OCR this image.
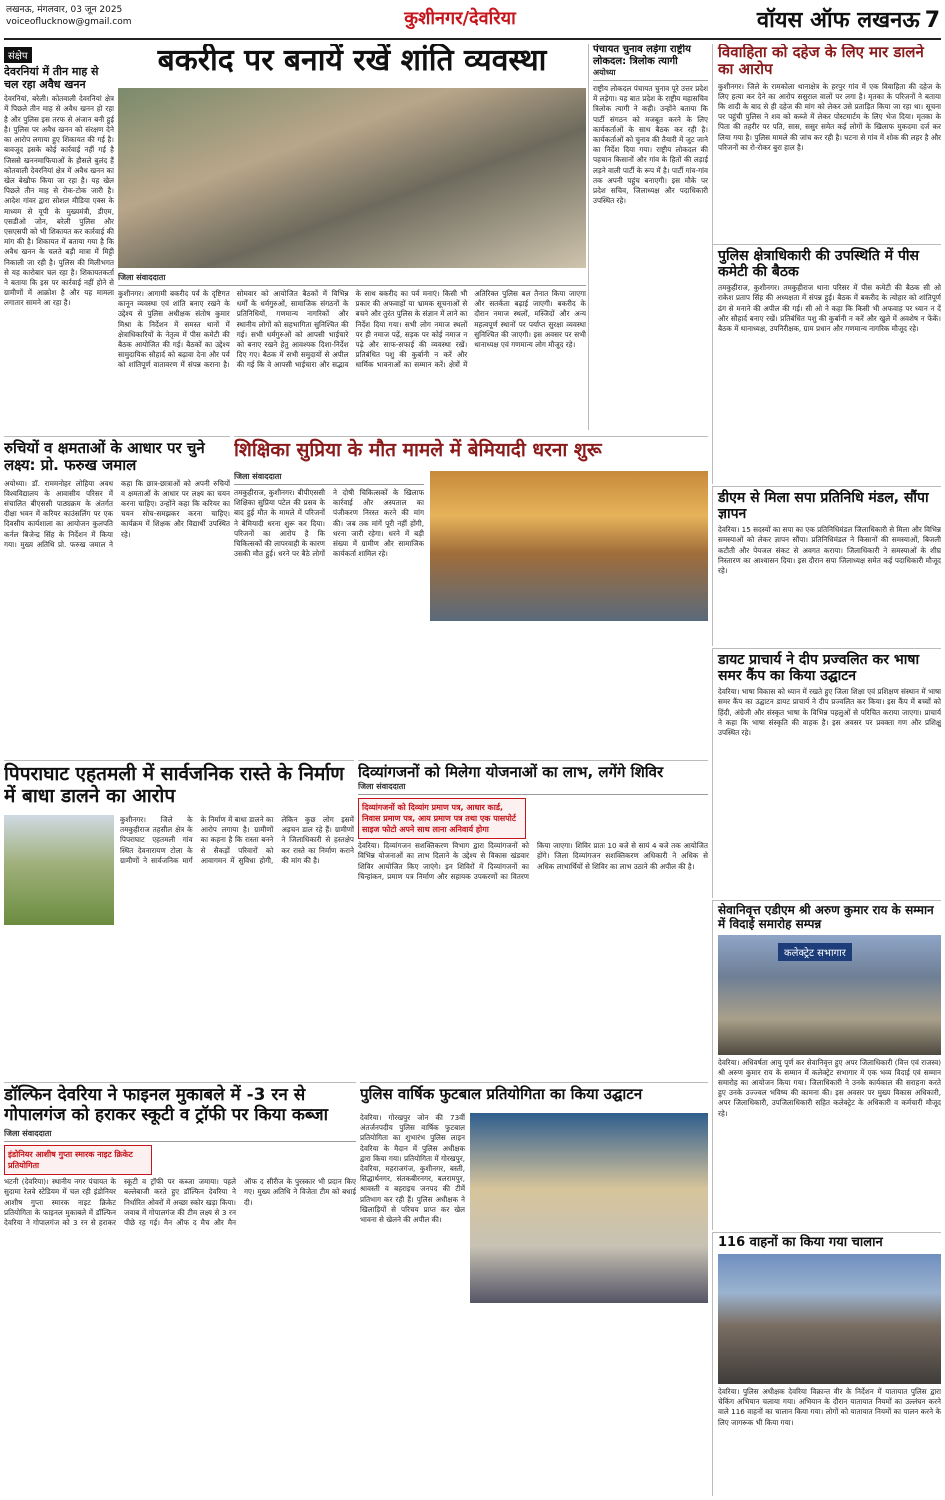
लखनऊ, मंगलवार, 03 जून 2025
voiceoflucknow@gmail.com	कुशीनगर/देवरिया	वॉयस ऑफ लखनऊ 7
संक्षेप
देवरनियां में तीन माह से चल रहा अवैध खनन
देवरनियां, बरेली। कोतवाली देवरनियां क्षेत्र में पिछले तीन माह से अवैध खनन हो रहा है और पुलिस इस तरफ से अंजान बनी हुई है। पुलिस पर अवैध खनन को संरक्षण देने का आरोप लगाया हुए शिकायत की गई है। बावजूद इसके कोई कार्रवाई नहीं गई है जिससे खननमाफियाओं के हौसले बुलंद हैं कोतवाली देवरनियां क्षेत्र में अवैध खनन का खेल बेखौफ किया जा रहा है। यह खेल पिछले तीन माह से रोक-टोक जारी है। आदेश गांवर द्वारा सोशल मीडिया एक्स के माध्यम से यूपी के मुख्यमंत्री, डीएम, एसडीओ जोन, बरेली पुलिस और एसएसपी को भी शिकायत कर कार्रवाई की मांग की है। शिकायत में बताया गया है कि अवैध खनन के चलते बड़ी मात्रा में मिट्टी निकाली जा रही है। पुलिस की मिलीभगत से यह कारोबार चल रहा है। शिकायतकर्ता ने बताया कि इस पर कार्रवाई नहीं होने से ग्रामीणों में आक्रोश है और यह मामला लगातार सामने आ रहा है।
बकरीद पर बनायें रखें शांति व्यवस्था
जिला संवाददाता
कुशीनगर। आगामी बकरीद पर्व के दृष्टिगत कानून व्यवस्था एवं शांति बनाए रखने के उद्देश्य से पुलिस अधीक्षक संतोष कुमार मिश्रा के निर्देशन में समस्त थानों में क्षेत्राधिकारियों के नेतृत्व में पीस कमेटी की बैठक आयोजित की गई। बैठकों का उद्देश्य सामुदायिक सौहार्द को बढ़ावा देना और पर्व को शांतिपूर्ण वातावरण में संपन्न कराना है। सोमवार को आयोजित बैठकों में विभिन्न धर्मों के धर्मगुरुओं, सामाजिक संगठनों के प्रतिनिधियों, गणमान्य नागरिकों और स्थानीय लोगों को सहभागिता सुनिश्चित की गई। सभी धर्मगुरुओं को आपसी भाईचारे को बनाए रखने हेतु आवश्यक दिशा-निर्देश दिए गए। बैठक में सभी समुदायों से अपील की गई कि वे आपसी भाईचारा और सद्भाव के साथ बकरीद का पर्व मनाएं। किसी भी प्रकार की अफवाहों या भ्रामक सूचनाओं से बचने और तुरंत पुलिस के संज्ञान में लाने का निर्देश दिया गया। सभी लोग नमाज स्थलों पर ही नमाज पढ़ें, सड़क पर कोई नमाज न पढ़े और साफ-सफाई की व्यवस्था रखें। प्रतिबंधित पशु की कुर्बानी न करें और धार्मिक भावनाओं का सम्मान करें। क्षेत्रों में अतिरिक्त पुलिस बल तैनात किया जाएगा और सतर्कता बढ़ाई जाएगी। बकरीद के दौरान नमाज स्थलों, मस्जिदों और अन्य महत्वपूर्ण स्थानों पर पर्याप्त सुरक्षा व्यवस्था सुनिश्चित की जाएगी। इस अवसर पर सभी थानाध्यक्ष एवं गणमान्य लोग मौजूद रहे।
पंचायत चुनाव लड़ेगा राष्ट्रीय लोकदल: त्रिलोक त्यागी
अयोध्या
राष्ट्रीय लोकदल पंचायत चुनाव पूरे उत्तर प्रदेश में लड़ेगा। यह बात प्रदेश के राष्ट्रीय महासचिव त्रिलोक त्यागी ने कही। उन्होंने बताया कि पार्टी संगठन को मजबूत करने के लिए कार्यकर्ताओं के साथ बैठक कर रही है। कार्यकर्ताओं को चुनाव की तैयारी में जुट जाने का निर्देश दिया गया। राष्ट्रीय लोकदल की पहचान किसानों और गांव के हितों की लड़ाई लड़ने वाली पार्टी के रूप में है। पार्टी गांव-गांव तक अपनी पहुंच बनाएगी। इस मौके पर प्रदेश सचिव, जिलाध्यक्ष और पदाधिकारी उपस्थित रहे।
विवाहिता को दहेज के लिए मार डालने का आरोप
कुशीनगर। जिले के रामकोला थानाक्षेत्र के हरपुर गांव में एक विवाहिता की दहेज के लिए हत्या कर देने का आरोप ससुराल वालों पर लगा है। मृतका के परिजनों ने बताया कि शादी के बाद से ही दहेज की मांग को लेकर उसे प्रताड़ित किया जा रहा था। सूचना पर पहुंची पुलिस ने शव को कब्जे में लेकर पोस्टमार्टम के लिए भेज दिया। मृतका के पिता की तहरीर पर पति, सास, ससुर समेत कई लोगों के खिलाफ मुकदमा दर्ज कर लिया गया है। पुलिस मामले की जांच कर रही है। घटना से गांव में शोक की लहर है और परिजनों का रो-रोकर बुरा हाल है।
पुलिस क्षेत्राधिकारी की उपस्थिति में पीस कमेटी की बैठक
तमकुहीराज, कुशीनगर। तमकुहीराज थाना परिसर में पीस कमेटी की बैठक सी ओ राकेश प्रताप सिंह की अध्यक्षता में संपन्न हुई। बैठक में बकरीद के त्योहार को शांतिपूर्ण ढंग से मनाने की अपील की गई। सी ओ ने कहा कि किसी भी अफवाह पर ध्यान न दें और सौहार्द बनाए रखें। प्रतिबंधित पशु की कुर्बानी न करें और खुले में अवशेष न फेंकें। बैठक में थानाध्यक्ष, उपनिरीक्षक, ग्राम प्रधान और गणमान्य नागरिक मौजूद रहे।
डीएम से मिला सपा प्रतिनिधि मंडल, सौंपा ज्ञापन
देवरिया। 15 सदस्यों का सपा का एक प्रतिनिधिमंडल जिलाधिकारी से मिला और विभिन्न समस्याओं को लेकर ज्ञापन सौंपा। प्रतिनिधिमंडल ने किसानों की समस्याओं, बिजली कटौती और पेयजल संकट से अवगत कराया। जिलाधिकारी ने समस्याओं के शीघ्र निस्तारण का आश्वासन दिया। इस दौरान सपा जिलाध्यक्ष समेत कई पदाधिकारी मौजूद रहे।
डायट प्राचार्य ने दीप प्रज्वलित कर भाषा समर कैंप का किया उद्घाटन
देवरिया। भाषा विकास को ध्यान में रखते हुए जिला शिक्षा एवं प्रशिक्षण संस्थान में भाषा समर कैंप का उद्घाटन डायट प्राचार्य ने दीप प्रज्वलित कर किया। इस कैंप में बच्चों को हिंदी, अंग्रेजी और संस्कृत भाषा के विभिन्न पहलुओं से परिचित कराया जाएगा। प्राचार्य ने कहा कि भाषा संस्कृति की वाहक है। इस अवसर पर प्रवक्ता गण और प्रशिक्षु उपस्थित रहे।
सेवानिवृत्त एडीएम श्री अरुण कुमार राय के सम्मान में विदाई समारोह सम्पन्न
कलेक्ट्रेट सभागार
देवरिया। अधिवर्षता आयु पूर्ण कर सेवानिवृत्त हुए अपर जिलाधिकारी (वित्त एवं राजस्व) श्री अरुण कुमार राय के सम्मान में कलेक्ट्रेट सभागार में एक भव्य विदाई एवं सम्मान समारोह का आयोजन किया गया। जिलाधिकारी ने उनके कार्यकाल की सराहना करते हुए उनके उज्ज्वल भविष्य की कामना की। इस अवसर पर मुख्य विकास अधिकारी, अपर जिलाधिकारी, उपजिलाधिकारी सहित कलेक्ट्रेट के अधिकारी व कर्मचारी मौजूद रहे।
116 वाहनों का किया गया चालान
देवरिया। पुलिस अधीक्षक देवरिया विक्रान्त वीर के निर्देशन में यातायात पुलिस द्वारा चेकिंग अभियान चलाया गया। अभियान के दौरान यातायात नियमों का उल्लंघन करने वाले 116 वाहनों का चालान किया गया। लोगों को यातायात नियमों का पालन करने के लिए जागरूक भी किया गया।
रुचियों व क्षमताओं के आधार पर चुने लक्ष्य: प्रो. फरुख जमाल
अयोध्या। डॉ. राममनोहर लोहिया अवध विश्वविद्यालय के आवासीय परिसर में संचालित बीएससी पाठ्यक्रम के अंतर्गत दीक्षा भवन में करियर काउंसलिंग पर एक दिवसीय कार्यशाला का आयोजन कुलपति कर्नल बिजेन्द्र सिंह के निर्देशन में किया गया। मुख्य अतिथि प्रो. फरुख जमाल ने कहा कि छात्र-छात्राओं को अपनी रुचियों व क्षमताओं के आधार पर लक्ष्य का चयन करना चाहिए। उन्होंने कहा कि करियर का चयन सोच-समझकर करना चाहिए। कार्यक्रम में शिक्षक और विद्यार्थी उपस्थित रहे।
शिक्षिका सुप्रिया के मौत मामले में बेमियादी धरना शुरू
जिला संवाददाता
तमकुहीराज, कुशीनगर। बीपीएससी शिक्षिका सुप्रिया पटेल की प्रसव के बाद हुई मौत के मामले में परिजनों ने बेमियादी धरना शुरू कर दिया। परिजनों का आरोप है कि चिकित्सकों की लापरवाही के कारण उसकी मौत हुई। धरने पर बैठे लोगों ने दोषी चिकित्सकों के खिलाफ कार्रवाई और अस्पताल का पंजीकरण निरस्त करने की मांग की। जब तक मांगें पूरी नहीं होंगी, धरना जारी रहेगा। धरने में बड़ी संख्या में ग्रामीण और सामाजिक कार्यकर्ता शामिल रहे।
पिपराघाट एहतमली में सार्वजनिक रास्ते के निर्माण में बाधा डालने का आरोप
कुशीनगर। जिले के तमकुहीराज तहसील क्षेत्र के पिपराघाट एहतमली गांव स्थित देवनारायण टोला के ग्रामीणों ने सार्वजनिक मार्ग के निर्माण में बाधा डालने का आरोप लगाया है। ग्रामीणों का कहना है कि रास्ता बनने से सैकड़ों परिवारों को आवागमन में सुविधा होगी, लेकिन कुछ लोग इसमें अड़चन डाल रहे हैं। ग्रामीणों ने जिलाधिकारी से हस्तक्षेप कर रास्ते का निर्माण कराने की मांग की है।
दिव्यांगजनों को मिलेगा योजनाओं का लाभ, लगेंगे शिविर
जिला संवाददाता
दिव्यांगजनों को दिव्यांग प्रमाण पत्र, आधार कार्ड, निवास प्रमाण पत्र, आय प्रमाण पत्र तथा एक पासपोर्ट साइज फोटो अपने साथ लाना अनिवार्य होगा
देवरिया। दिव्यांगजन सशक्तिकरण विभाग द्वारा दिव्यांगजनों को विभिन्न योजनाओं का लाभ दिलाने के उद्देश्य से विकास खंडवार शिविर आयोजित किए जाएंगे। इन शिविरों में दिव्यांगजनों का चिन्हांकन, प्रमाण पत्र निर्माण और सहायक उपकरणों का वितरण किया जाएगा। शिविर प्रातः 10 बजे से सायं 4 बजे तक आयोजित होंगे। जिला दिव्यांगजन सशक्तिकरण अधिकारी ने अधिक से अधिक लाभार्थियों से शिविर का लाभ उठाने की अपील की है।
डॉल्फिन देवरिया ने फाइनल मुकाबले में -3 रन से गोपालगंज को हराकर स्कूटी व ट्रॉफी पर किया कब्जा
जिला संवाददाता
इंडोनियर आशीष गुप्ता स्मारक नाइट क्रिकेट प्रतियोगिता
भटनी (देवरिया)। स्थानीय नगर पंचायत के सुदामा रेलवे स्टेडियम में चल रही इंडोनियर आशीष गुप्ता स्मारक नाइट क्रिकेट प्रतियोगिता के फाइनल मुकाबले में डॉल्फिन देवरिया ने गोपालगंज को 3 रन से हराकर स्कूटी व ट्रॉफी पर कब्जा जमाया। पहले बल्लेबाजी करते हुए डॉल्फिन देवरिया ने निर्धारित ओवरों में अच्छा स्कोर खड़ा किया। जवाब में गोपालगंज की टीम लक्ष्य से 3 रन पीछे रह गई। मैन ऑफ द मैच और मैन ऑफ द सीरीज के पुरस्कार भी प्रदान किए गए। मुख्य अतिथि ने विजेता टीम को बधाई दी।
पुलिस वार्षिक फुटबाल प्रतियोगिता का किया उद्घाटन
देवरिया। गोरखपुर जोन की 73वीं अंतर्जनपदीय पुलिस वार्षिक फुटबाल प्रतियोगिता का शुभारंभ पुलिस लाइन देवरिया के मैदान में पुलिस अधीक्षक द्वारा किया गया। प्रतियोगिता में गोरखपुर, देवरिया, महराजगंज, कुशीनगर, बस्ती, सिद्धार्थनगर, संतकबीरनगर, बलरामपुर, श्रावस्ती व बहराइच जनपद की टीमें प्रतिभाग कर रही हैं। पुलिस अधीक्षक ने खिलाड़ियों से परिचय प्राप्त कर खेल भावना से खेलने की अपील की।
